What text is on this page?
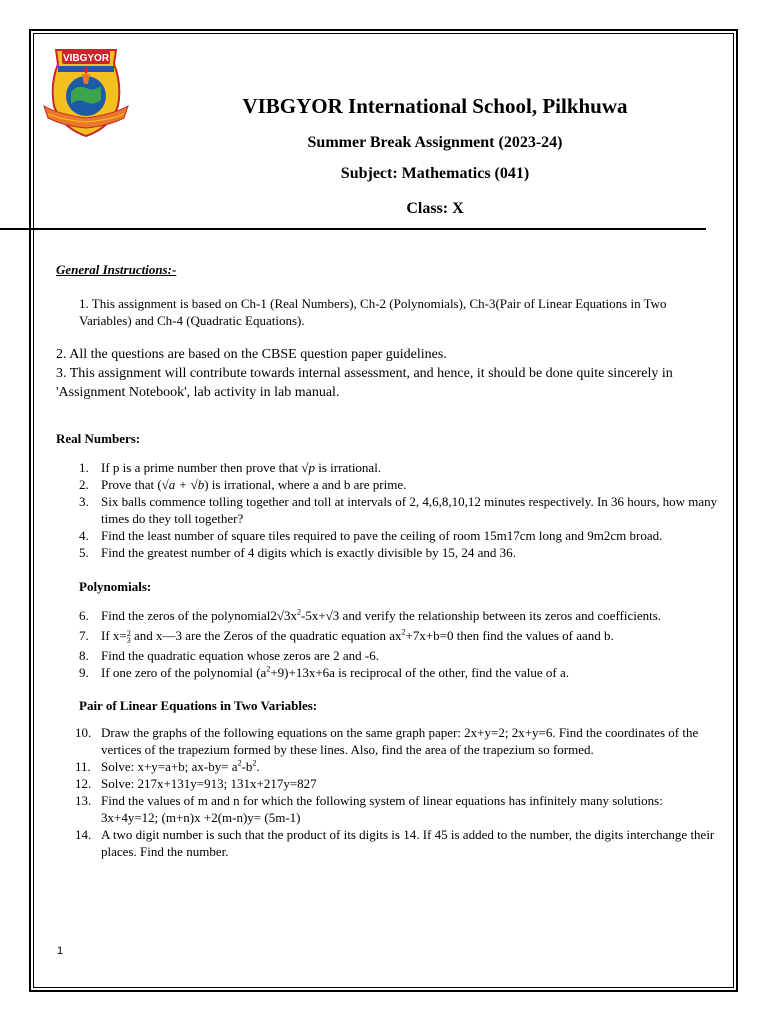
VIBGYOR
VIBGYOR International School, Pilkhuwa
Summer Break Assignment (2023-24)
Subject: Mathematics (041)
Class: X
General Instructions:-
1. This assignment is based on Ch-1 (Real Numbers), Ch-2 (Polynomials), Ch-3(Pair of Linear Equations in Two Variables) and Ch-4 (Quadratic Equations).
2. All the questions are based on the CBSE question paper guidelines.
3. This assignment will contribute towards internal assessment, and hence, it should be done quite sincerely in 'Assignment Notebook', lab activity in lab manual.
Real Numbers:
1. If p is a prime number then prove that √p is irrational.
2. Prove that (√a + √b) is irrational, where a and b are prime.
3. Six balls commence tolling together and toll at intervals of 2, 4,6,8,10,12 minutes respectively. In 36 hours, how many times do they toll together?
4. Find the least number of square tiles required to pave the ceiling of room 15m17cm long and 9m2cm broad.
5. Find the greatest number of 4 digits which is exactly divisible by 15, 24 and 36.
Polynomials:
6. Find the zeros of the $polynomial2√3x^2-5x+√3$ and verify the relationship between its zeros and coefficients.
7. If x=2
3 and x—3 are the Zeros of the quadratic equation $ax^2+7x+b=0$ then find the values of aand b.
8. Find the quadratic equation whose zeros are 2 and -6.
9. If one zero of the polynomial $(a^2+9)+13x+6a$ is reciprocal of the other, find the value of a.
Pair of Linear Equations in Two Variables:
10. Draw the graphs of the following equations on the same graph paper: 2x+y=2; 2x+y=6. Find the coordinates of the vertices of the trapezium formed by these lines. Also, find the area of the trapezium so formed.
11. Solve: x+y=a+b; $ax-by= a^2-b^2$.
12. Solve: 217x+131y=913; 131x+217y=827
13. Find the values of m and n for which the following system of linear equations has infinitely many solutions: 3x+4y=12; (m+n)x +2(m-n)y= (5m-1)
14. A two digit number is such that the product of its digits is 14. If 45 is added to the number, the digits interchange their places. Find the number.
1
